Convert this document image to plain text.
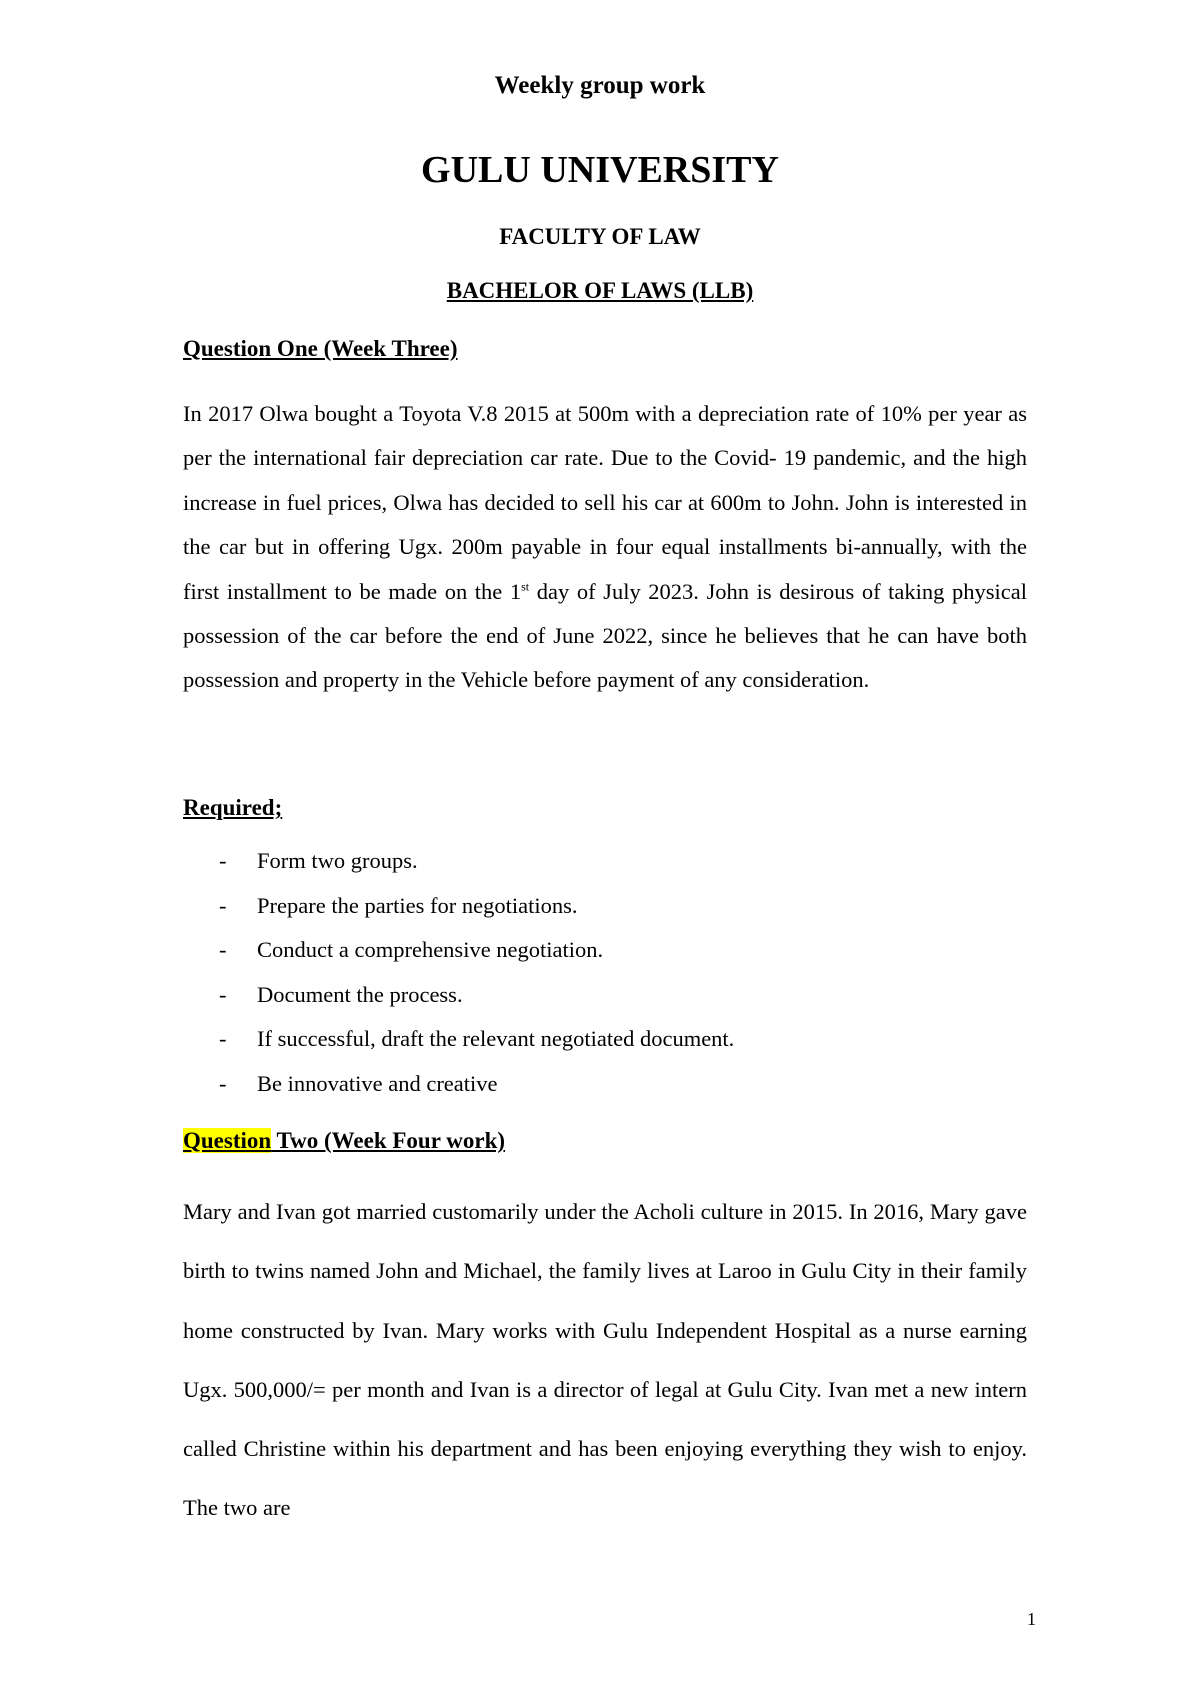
Weekly group work
GULU UNIVERSITY
FACULTY OF LAW
BACHELOR OF LAWS (LLB)
Question One (Week Three)
In 2017 Olwa bought a Toyota V.8 2015 at 500m with a depreciation rate of 10% per year as per the international fair depreciation car rate. Due to the Covid- 19 pandemic, and the high increase in fuel prices, Olwa has decided to sell his car at 600m to John. John is interested in the car but in offering Ugx. 200m payable in four equal installments bi-annually, with the first installment to be made on the 1st day of July 2023. John is desirous of taking physical possession of the car before the end of June 2022, since he believes that he can have both possession and property in the Vehicle before payment of any consideration.
Required;
- Form two groups.
- Prepare the parties for negotiations.
- Conduct a comprehensive negotiation.
- Document the process.
- If successful, draft the relevant negotiated document.
- Be innovative and creative
Question Two (Week Four work)
Mary and Ivan got married customarily under the Acholi culture in 2015. In 2016, Mary gave birth to twins named John and Michael, the family lives at Laroo in Gulu City in their family home constructed by Ivan. Mary works with Gulu Independent Hospital as a nurse earning Ugx. 500,000/= per month and Ivan is a director of legal at Gulu City. Ivan met a new intern called Christine within his department and has been enjoying everything they wish to enjoy. The two are
1
